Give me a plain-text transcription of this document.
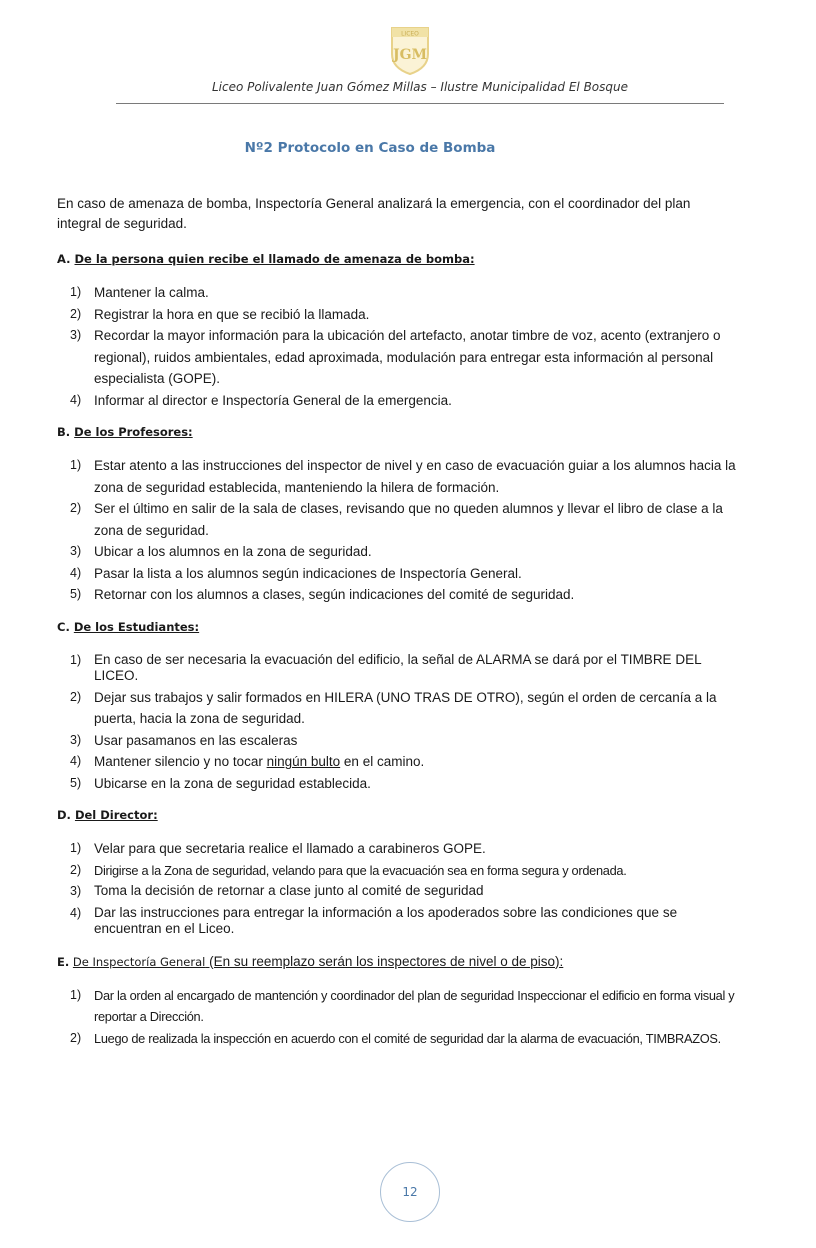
LICEO
JGM
Liceo Polivalente Juan Gómez Millas – Ilustre Municipalidad El Bosque
Nº2 Protocolo en Caso de Bomba

En caso de amenaza de bomba, Inspectoría General analizará la emergencia, con el coordinador del plan integral de seguridad.

A. De la persona quien recibe el llamado de amenaza de bomba:
1) Mantener la calma.
2) Registrar la hora en que se recibió la llamada.
3) Recordar la mayor información para la ubicación del artefacto, anotar timbre de voz, acento (extranjero o regional), ruidos ambientales, edad aproximada, modulación para entregar esta información al personal especialista (GOPE).
4) Informar al director e Inspectoría General de la emergencia.
B. De los Profesores:
1) Estar atento a las instrucciones del inspector de nivel y en caso de evacuación guiar a los alumnos hacia la zona de seguridad establecida, manteniendo la hilera de formación.
2) Ser el último en salir de la sala de clases, revisando que no queden alumnos y llevar el libro de clase a la zona de seguridad.
3) Ubicar a los alumnos en la zona de seguridad.
4) Pasar la lista a los alumnos según indicaciones de Inspectoría General.
5) Retornar con los alumnos a clases, según indicaciones del comité de seguridad.
C. De los Estudiantes:
1) En caso de ser necesaria la evacuación del edificio, la señal de ALARMA se dará por el TIMBRE DEL LICEO.
2) Dejar sus trabajos y salir formados en HILERA (UNO TRAS DE OTRO), según el orden de cercanía a la puerta, hacia la zona de seguridad.
3) Usar pasamanos en las escaleras
4) Mantener silencio y no tocar ningún bulto en el camino.
5) Ubicarse en la zona de seguridad establecida.
D. Del Director:
1) Velar para que secretaria realice el llamado a carabineros GOPE.
2)	Dirigirse a la Zona de seguridad, velando para que la evacuación sea en forma segura y ordenada.
3) Toma la decisión de retornar a clase junto al comité de seguridad
4) Dar las instrucciones para entregar la información a los apoderados sobre las condiciones que se encuentran en el Liceo.
E. De Inspectoría General (En su reemplazo serán los inspectores de nivel o de piso):
1)	Dar la orden al encargado de mantención y coordinador del plan de seguridad Inspeccionar el edificio en forma visual y reportar a Dirección.
2)	Luego de realizada la inspección en acuerdo con el comité de seguridad dar la alarma de evacuación, TIMBRAZOS.
12
